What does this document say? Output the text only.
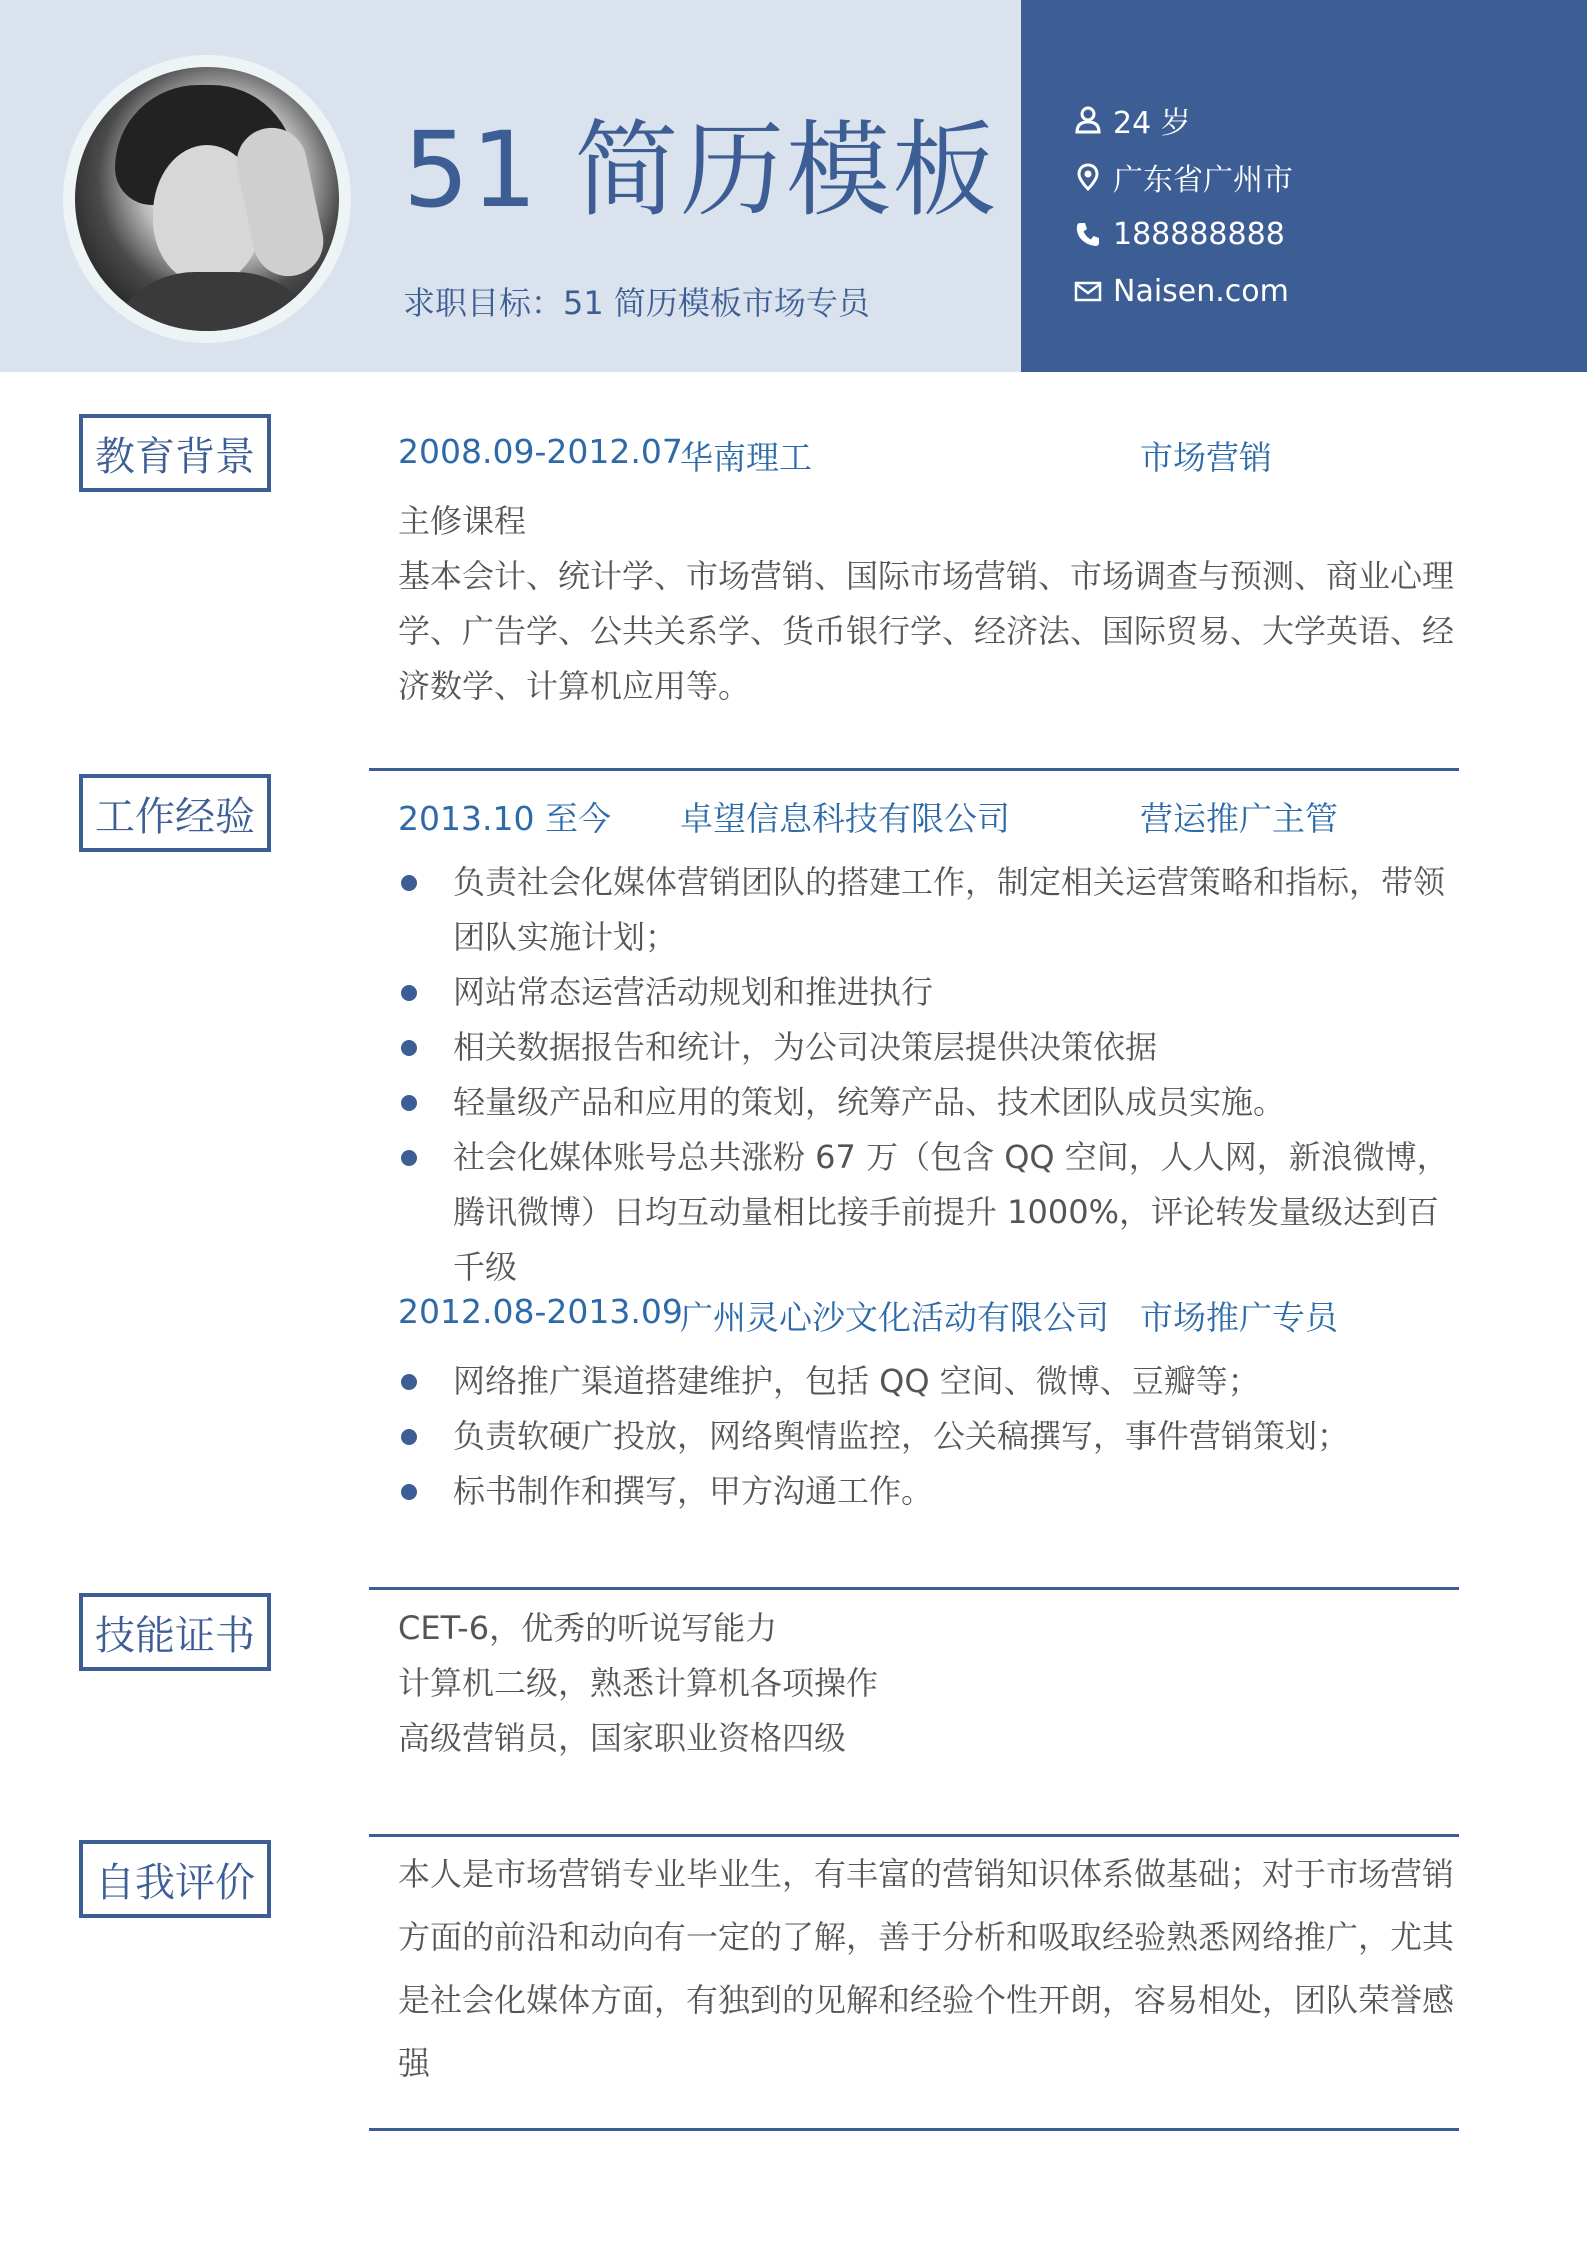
51 简历模板
求职目标：51 简历模板市场专员
24 岁
广东省广州市
188888888
Naisen.com
教育背景	2008.09-2012.07
华南理工	市场营销
主修课程
基本会计、统计学、市场营销、国际市场营销、市场调查与预测、商业心理学、广告学、公共关系学、货币银行学、经济法、国际贸易、大学英语、经济数学、计算机应用等。
工作经验	2013.10 至今 卓望信息科技有限公司	营运推广主管
负责社会化媒体营销团队的搭建工作，制定相关运营策略和指标，带领团队实施计划；
网站常态运营活动规划和推进执行
相关数据报告和统计，为公司决策层提供决策依据
轻量级产品和应用的策划，统筹产品、技术团队成员实施。
社会化媒体账号总共涨粉 67 万（包含 QQ 空间，人人网，新浪微博，腾讯微博）日均互动量相比接手前提升 1000%，评论转发量级达到百千级
2012.08-2013.09
广州灵心沙文化活动有限公司 市场推广专员
网络推广渠道搭建维护，包括 QQ 空间、微博、豆瓣等；
负责软硬广投放，网络舆情监控，公关稿撰写，事件营销策划；
标书制作和撰写，甲方沟通工作。
技能证书	CET-6，优秀的听说写能力
计算机二级，熟悉计算机各项操作
高级营销员，国家职业资格四级
自我评价	本人是市场营销专业毕业生，有丰富的营销知识体系做基础；对于市场营销方面的前沿和动向有一定的了解，善于分析和吸取经验熟悉网络推广，尤其是社会化媒体方面，有独到的见解和经验个性开朗，容易相处，团队荣誉感强
